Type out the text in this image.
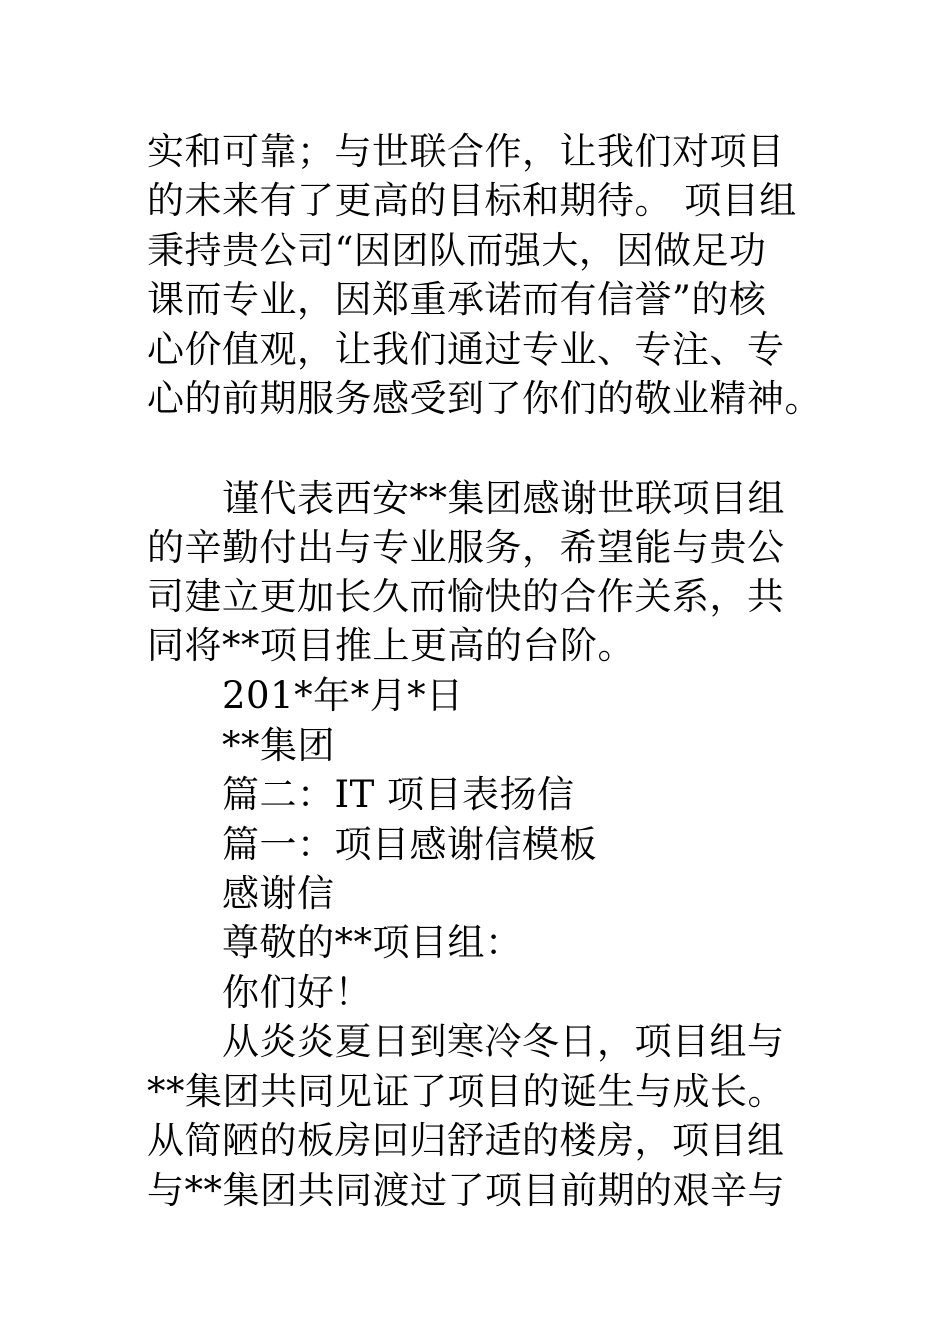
实和可靠；与世联合作，让我们对项目
的未来有了更高的目标和期待。 项目组
秉持贵公司“因团队而强大，因做足功
课而专业，因郑重承诺而有信誉”的核
心价值观，让我们通过专业、专注、专
心的前期服务感受到了你们的敬业精神。
谨代表西安**集团感谢世联项目组
的辛勤付出与专业服务，希望能与贵公
司建立更加长久而愉快的合作关系，共
同将**项目推上更高的台阶。
201*年*月*日
**集团
篇二：IT 项目表扬信
篇一：项目感谢信模板
感谢信
尊敬的**项目组：
你们好！
从炎炎夏日到寒冷冬日，项目组与
**集团共同见证了项目的诞生与成长。
从简陋的板房回归舒适的楼房，项目组
与**集团共同渡过了项目前期的艰辛与
